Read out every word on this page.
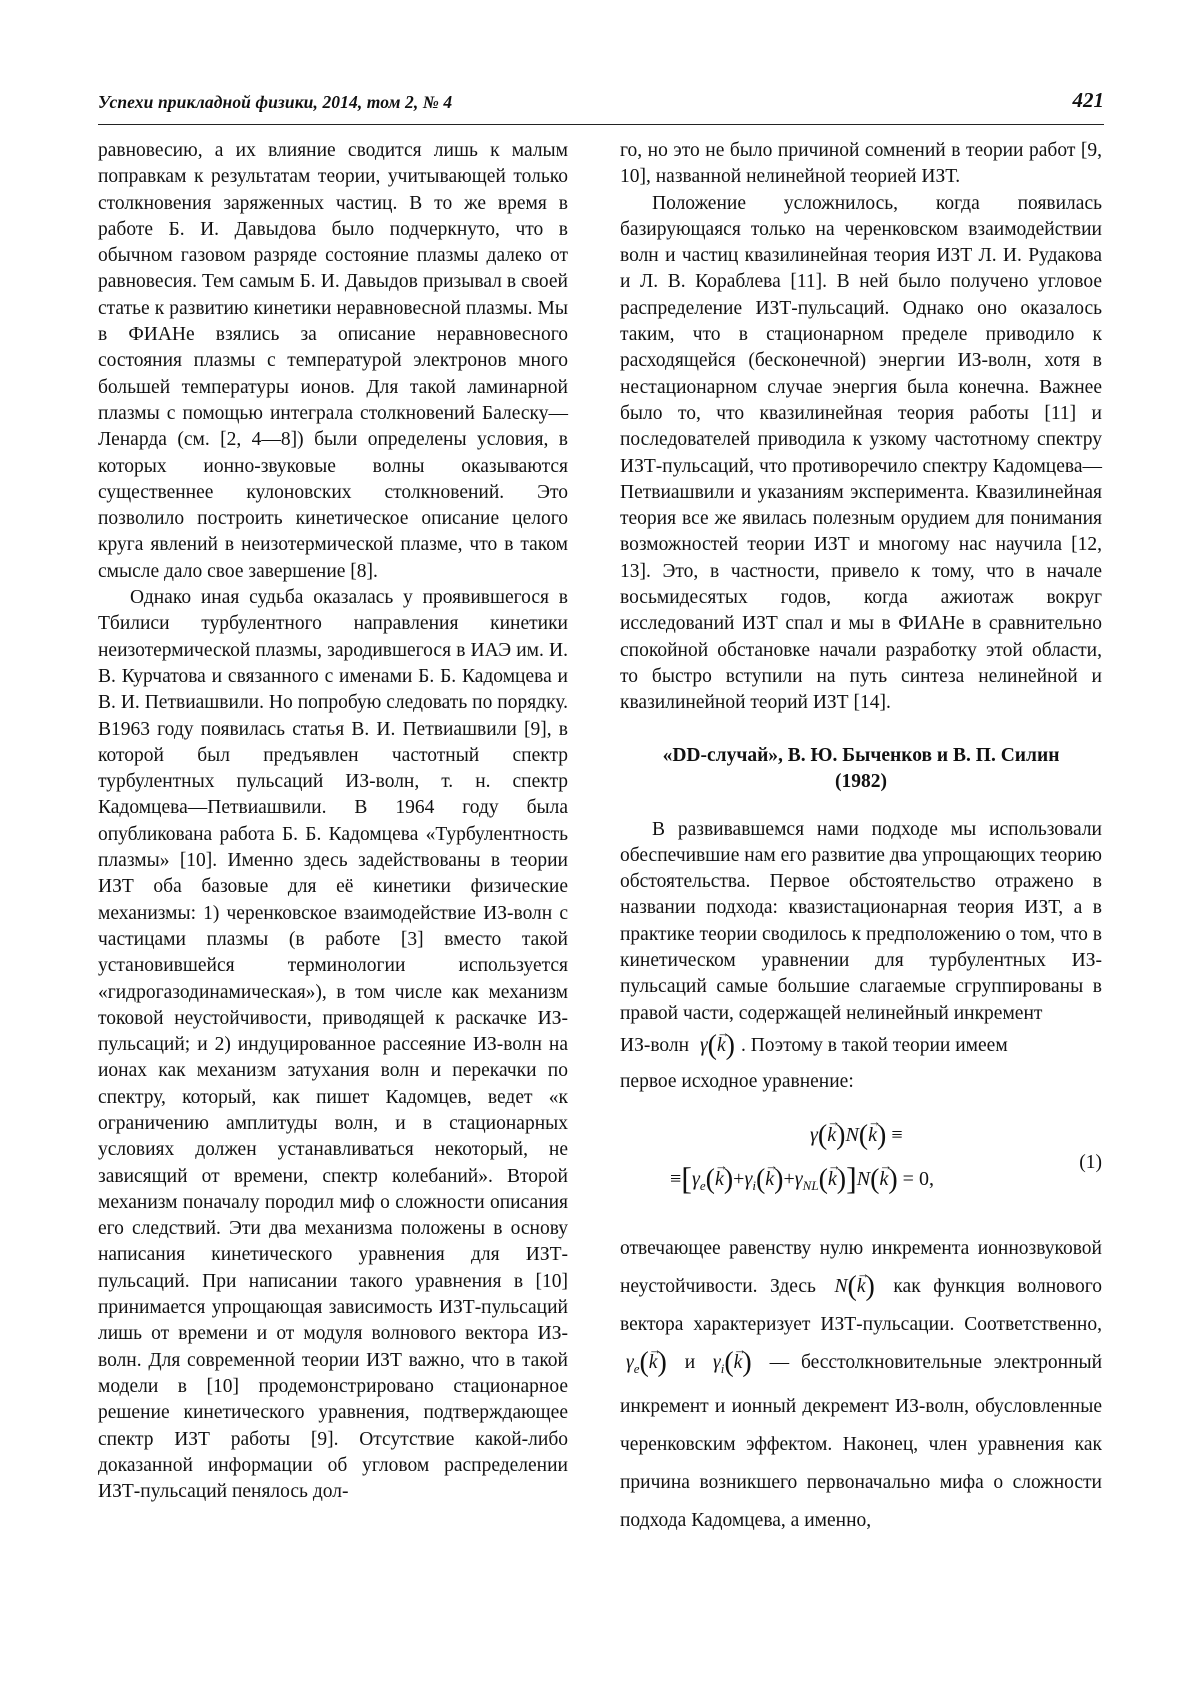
Успехи прикладной физики, 2014, том 2, № 4	421

равновесию, а их влияние сводится лишь к малым поправкам к результатам теории, учитывающей только столкновения заряженных частиц. В то же время в работе Б. И. Давыдова было подчеркнуто, что в обычном газовом разряде состояние плазмы далеко от равновесия. Тем самым Б. И. Давыдов призывал в своей статье к развитию кинетики неравновесной плазмы. Мы в ФИАНе взялись за описание неравновесного состояния плазмы с температурой электронов много большей температуры ионов. Для такой ламинарной плазмы с помощью интеграла столкновений Балеску—Ленарда (см. [2, 4—8]) были определены условия, в которых ионно-звуковые волны оказываются существеннее кулоновских столкновений. Это позволило построить кинетическое описание целого круга явлений в неизотермической плазме, что в таком смысле дало свое завершение [8].

Однако иная судьба оказалась у проявившегося в Тбилиси турбулентного направления кинетики неизотермической плазмы, зародившегося в ИАЭ им. И. В. Курчатова и связанного с именами Б. Б. Кадомцева и В. И. Петвиашвили. Но попробую следовать по порядку. В1963 году появилась статья В. И. Петвиашвили [9], в которой был предъявлен частотный спектр турбулентных пульсаций ИЗ-волн, т. н. спектр Кадомцева—Петвиашвили. В 1964 году была опубликована работа Б. Б. Кадомцева «Турбулентность плазмы» [10]. Именно здесь задействованы в теории ИЗТ оба базовые для её кинетики физические механизмы: 1) черенковское взаимодействие ИЗ-волн с частицами плазмы (в работе [3] вместо такой установившейся терминологии используется «гидрогазодинамическая»), в том числе как механизм токовой неустойчивости, приводящей к раскачке ИЗ-пульсаций; и 2) индуцированное рассеяние ИЗ-волн на ионах как механизм затухания волн и перекачки по спектру, который, как пишет Кадомцев, ведет «к ограничению амплитуды волн, и в стационарных условиях должен устанавливаться некоторый, не зависящий от времени, спектр колебаний». Второй механизм поначалу породил миф о сложности описания его следствий. Эти два механизма положены в основу написания кинетического уравнения для ИЗТ-пульсаций. При написании такого уравнения в [10] принимается упрощающая зависимость ИЗТ-пульсаций лишь от времени и от модуля волнового вектора ИЗ-волн. Для современной теории ИЗТ важно, что в такой модели в [10] продемонстрировано стационарное решение кинетического уравнения, подтверждающее спектр ИЗТ работы [9]. Отсутствие какой-либо доказанной информации об угловом распределении ИЗТ-пульсаций пенялось дол-

го, но это не было причиной сомнений в теории работ [9, 10], названной нелинейной теорией ИЗТ.

Положение усложнилось, когда появилась базирующаяся только на черенковском взаимодействии волн и частиц квазилинейная теория ИЗТ Л. И. Рудакова и Л. В. Кораблева [11]. В ней было получено угловое распределение ИЗТ-пульсаций. Однако оно оказалось таким, что в стационарном пределе приводило к расходящейся (бесконечной) энергии ИЗ-волн, хотя в нестационарном случае энергия была конечна. Важнее было то, что квазилинейная теория работы [11] и последователей приводила к узкому частотному спектру ИЗТ-пульсаций, что противоречило спектру Кадомцева—Петвиашвили и указаниям эксперимента. Квазилинейная теория все же явилась полезным орудием для понимания возможностей теории ИЗТ и многому нас научила [12, 13]. Это, в частности, привело к тому, что в начале восьмидесятых годов, когда ажиотаж вокруг исследований ИЗТ спал и мы в ФИАНе в сравнительно спокойной обстановке начали разработку этой области, то быстро вступили на путь синтеза нелинейной и квазилинейной теорий ИЗТ [14].

«DD-случай», В. Ю. Быченков и В. П. Силин
(1982)

В развивавшемся нами подходе мы использовали обеспечившие нам его развитие два упрощающих теорию обстоятельства. Первое обстоятельство отражено в названии подхода: квазистационарная теория ИЗТ, а в практике теории сводилось к предположению о том, что в кинетическом уравнении для турбулентных ИЗ-пульсаций самые большие слагаемые сгруппированы в правой части, содержащей нелинейный инкремент

ИЗ-волн γ(→ k) . Поэтому в такой теории имеем

первое исходное уравнение:

γ(→ k)N(→ k) ≡
$\equiv[\gamma_e(\to k)+\gamma_i(\to k)+\gamma_{NL}(\to k)]N(\to k) = 0$,
(1)

отвечающее равенству нулю инкремента ионнозвуковой неустойчивости. Здесь N(→ k) как функция волнового вектора характеризует ИЗТ-пульсации. Соответственно, $\gamma_e(\to k)$ и $\gamma_i(\to k)$ — бесстолкновительные электронный инкремент и ионный декремент ИЗ-волн, обусловленные черенковским эффектом. Наконец, член уравнения как причина возникшего первоначально мифа о сложности подхода Кадомцева, а именно,
